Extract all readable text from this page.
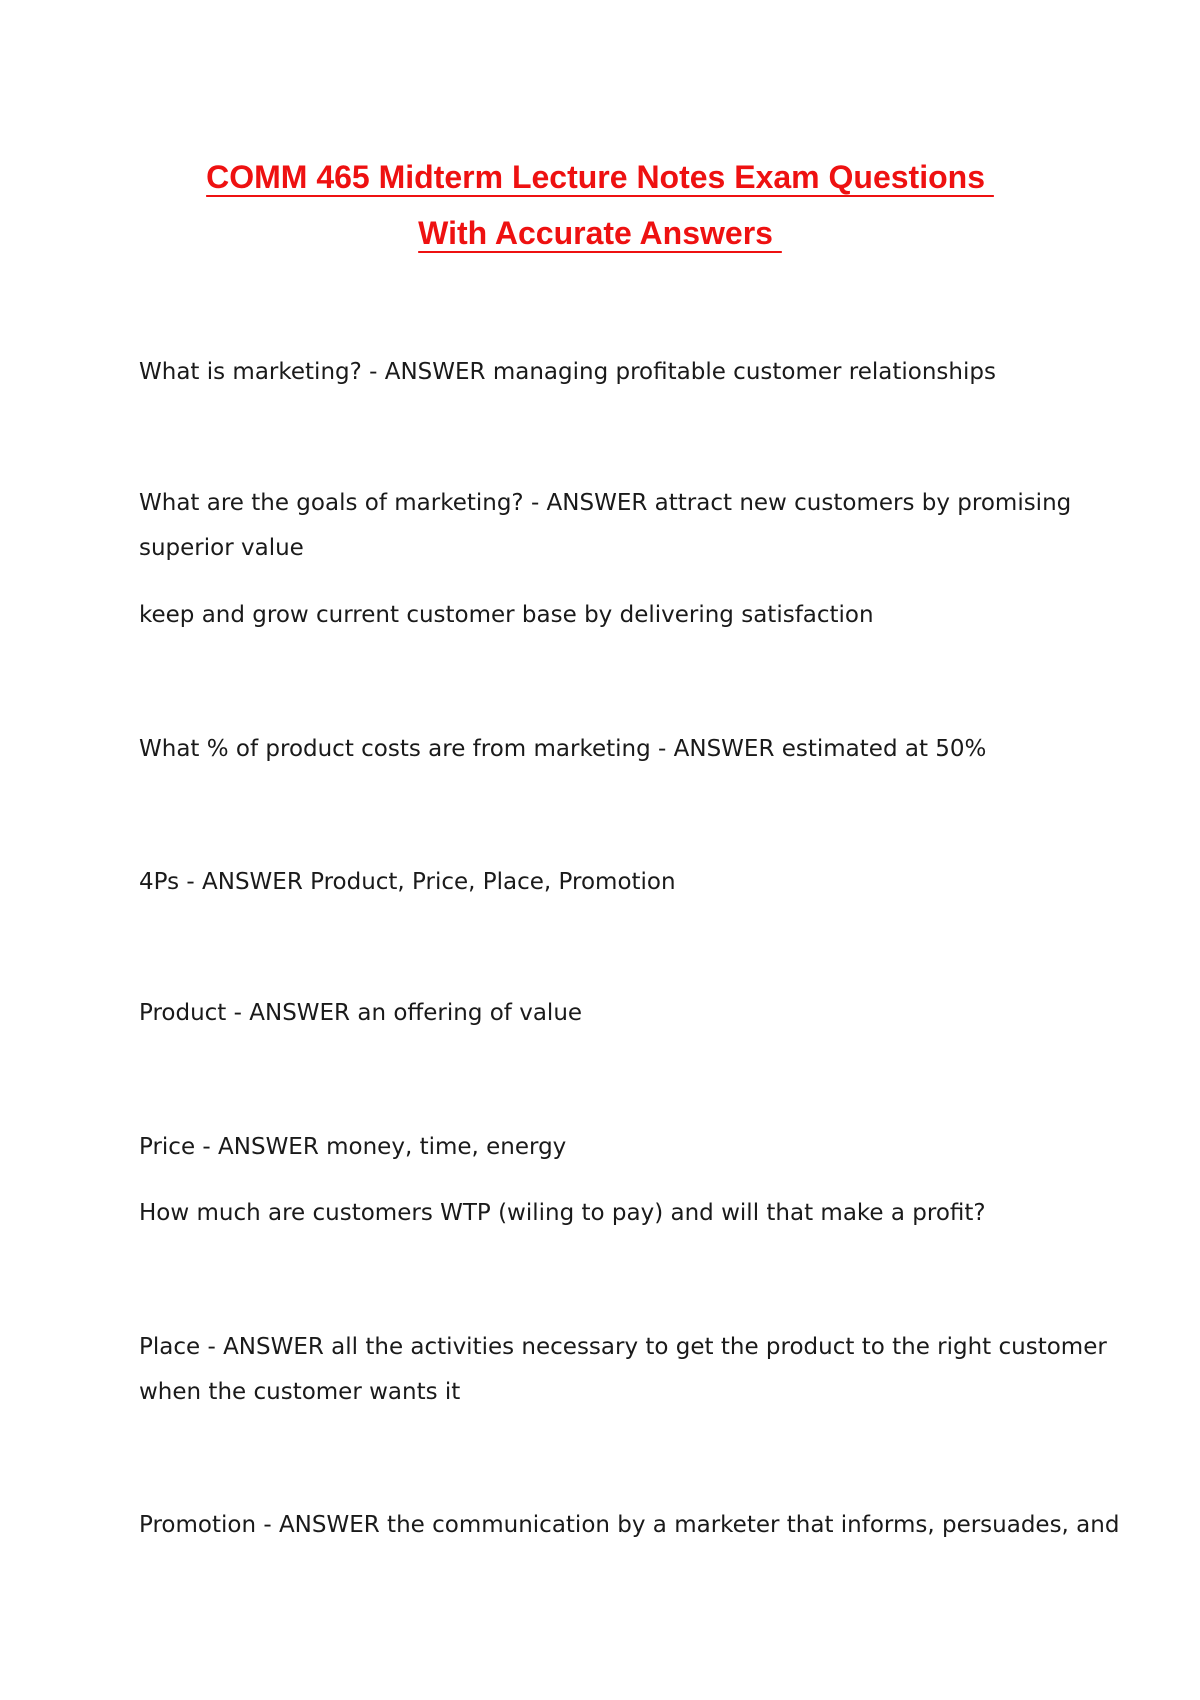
COMM 465 Midterm Lecture Notes Exam Questions
With Accurate Answers
What is marketing? - ANSWER managing profitable customer relationships
What are the goals of marketing? - ANSWER attract new customers by promising
superior value
keep and grow current customer base by delivering satisfaction
What % of product costs are from marketing - ANSWER estimated at 50%
4Ps - ANSWER Product, Price, Place, Promotion
Product - ANSWER an offering of value
Price - ANSWER money, time, energy
How much are customers WTP (wiling to pay) and will that make a profit?
Place - ANSWER all the activities necessary to get the product to the right customer
when the customer wants it
Promotion - ANSWER the communication by a marketer that informs, persuades, and
